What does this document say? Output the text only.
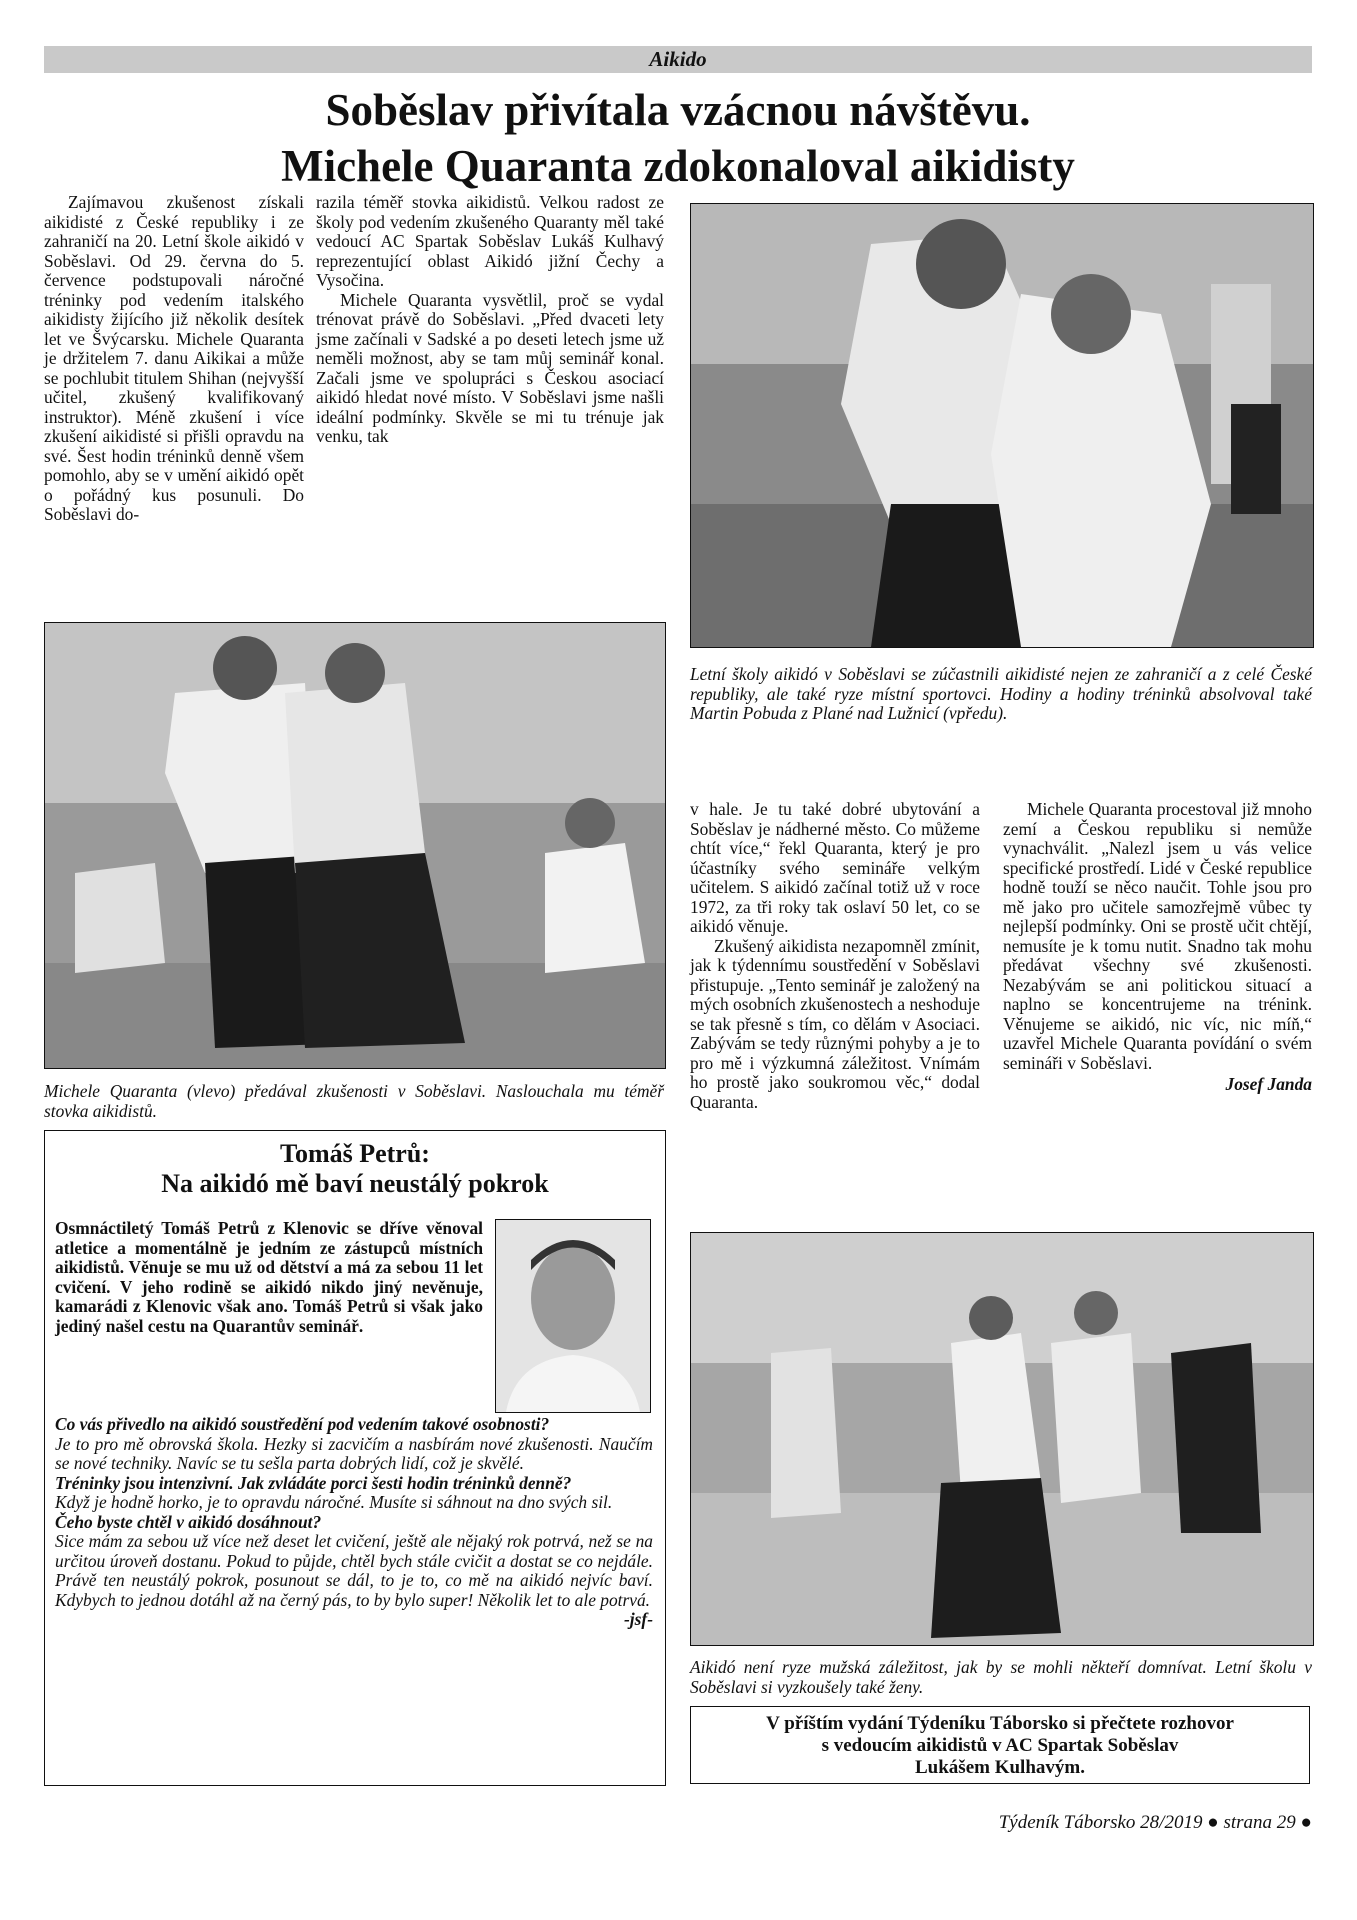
Aikido
Soběslav přivítala vzácnou návštěvu.
Michele Quaranta zdokonaloval aikidisty

Zajímavou zkušenost získali aikidisté z České republiky i ze zahraničí na 20. Letní škole aikidó v Soběslavi. Od 29. června do 5. července podstupovali náročné tréninky pod vedením italského aikidisty žijícího již několik desítek let ve Švýcarsku. Michele Quaranta je držitelem 7. danu Aikikai a může se pochlubit titulem Shihan (nejvyšší učitel, zkušený kvalifikovaný instruktor). Méně zkušení i více zkušení aikidisté si přišli opravdu na své. Šest hodin tréninků denně všem pomohlo, aby se v umění aikidó opět o pořádný kus posunuli. Do Soběslavi do-

razila téměř stovka aikidistů. Velkou radost ze školy pod vedením zkušeného Quaranty měl také vedoucí AC Spartak Soběslav Lukáš Kulhavý reprezentující oblast Aikidó jižní Čechy a Vysočina.

Michele Quaranta vysvětlil, proč se vydal trénovat právě do Soběslavi. „Před dvaceti lety jsme začínali v Sadské a po deseti letech jsme už neměli možnost, aby se tam můj seminář konal. Začali jsme ve spolupráci s Českou asociací aikidó hledat nové místo. V Soběslavi jsme našli ideální podmínky. Skvěle se mi tu trénuje jak venku, tak

Letní školy aikidó v Soběslavi se zúčastnili aikidisté nejen ze zahraničí a z celé České republiky, ale také ryze místní sportovci. Hodiny a hodiny tréninků absolvoval také Martin Pobuda z Plané nad Lužnicí (vpředu).
Michele Quaranta (vlevo) předával zkušenosti v Soběslavi. Naslouchala mu téměř stovka aikidistů.

v hale. Je tu také dobré ubytování a Soběslav je nádherné město. Co můžeme chtít více,“ řekl Quaranta, který je pro účastníky svého semináře velkým učitelem. S aikidó začínal totiž už v roce 1972, za tři roky tak oslaví 50 let, co se aikidó věnuje.

Zkušený aikidista nezapomněl zmínit, jak k týdennímu soustředění v Soběslavi přistupuje. „Tento seminář je založený na mých osobních zkušenostech a neshoduje se tak přesně s tím, co dělám v Asociaci. Zabývám se tedy různými pohyby a je to pro mě i výzkumná záležitost. Vnímám ho prostě jako soukromou věc,“ dodal Quaranta.

Michele Quaranta procestoval již mnoho zemí a Českou republiku si nemůže vynachválit. „Nalezl jsem u vás velice specifické prostředí. Lidé v České republice hodně touží se něco naučit. Tohle jsou pro mě jako pro učitele samozřejmě vůbec ty nejlepší podmínky. Oni se prostě učit chtějí, nemusíte je k tomu nutit. Snadno tak mohu předávat všechny své zkušenosti. Nezabývám se ani politickou situací a naplno se koncentrujeme na trénink. Věnujeme se aikidó, nic víc, nic míň,“ uzavřel Michele Quaranta povídání o svém semináři v Soběslavi.

Josef Janda
Tomáš Petrů:
Na aikidó mě baví neustálý pokrok
Osmnáctiletý Tomáš Petrů z Klenovic se dříve věnoval atletice a momentálně je jedním ze zástupců místních aikidistů. Věnuje se mu už od dětství a má za sebou 11 let cvičení. V jeho rodině se aikidó nikdo jiný nevěnuje, kamarádi z Klenovic však ano. Tomáš Petrů si však jako jediný našel cestu na Quarantův seminář.

Co vás přivedlo na aikidó soustředění pod vedením takové osobnosti?

Je to pro mě obrovská škola. Hezky si zacvičím a nasbírám nové zkušenosti. Naučím se nové techniky. Navíc se tu sešla parta dobrých lidí, což je skvělé.

Tréninky jsou intenzivní. Jak zvládáte porci šesti hodin tréninků denně?

Když je hodně horko, je to opravdu náročné. Musíte si sáhnout na dno svých sil.

Čeho byste chtěl v aikidó dosáhnout?

Sice mám za sebou už více než deset let cvičení, ještě ale nějaký rok potrvá, než se na určitou úroveň dostanu. Pokud to půjde, chtěl bych stále cvičit a dostat se co nejdále. Právě ten neustálý pokrok, posunout se dál, to je to, co mě na aikidó nejvíc baví. Kdybych to jednou dotáhl až na černý pás, to by bylo super! Několik let to ale potrvá.
-jsf-

Aikidó není ryze mužská záležitost, jak by se mohli někteří domnívat. Letní školu v Soběslavi si vyzkoušely také ženy.
V příštím vydání Týdeníku Táborsko si přečtete rozhovor
s vedoucím aikidistů v AC Spartak Soběslav
Lukášem Kulhavým.
Týdeník Táborsko 28/2019 ● strana 29 ●
